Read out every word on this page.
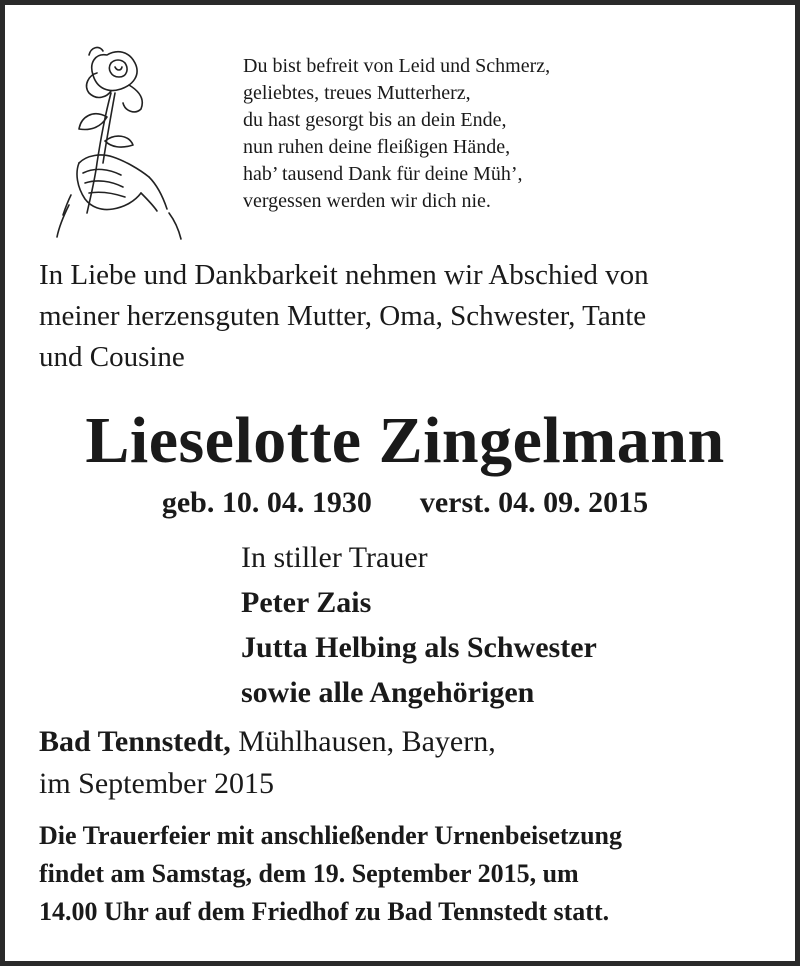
Du bist befreit von Leid und Schmerz,
geliebtes, treues Mutterherz,
du hast gesorgt bis an dein Ende,
nun ruhen deine fleißigen Hände,
hab’ tausend Dank für deine Müh’,
vergessen werden wir dich nie.
In Liebe und Dankbarkeit nehmen wir Abschied von
meiner herzensguten Mutter, Oma, Schwester, Tante
und Cousine
Lieselotte Zingelmann
geb. 10. 04. 1930 verst. 04. 09. 2015
In stiller Trauer
Peter Zais
Jutta Helbing als Schwester
sowie alle Angehörigen
Bad Tennstedt, Mühlhausen, Bayern,
im September 2015
Die Trauerfeier mit anschließender Urnenbeisetzung
findet am Samstag, dem 19. September 2015, um
14.00 Uhr auf dem Friedhof zu Bad Tennstedt statt.
